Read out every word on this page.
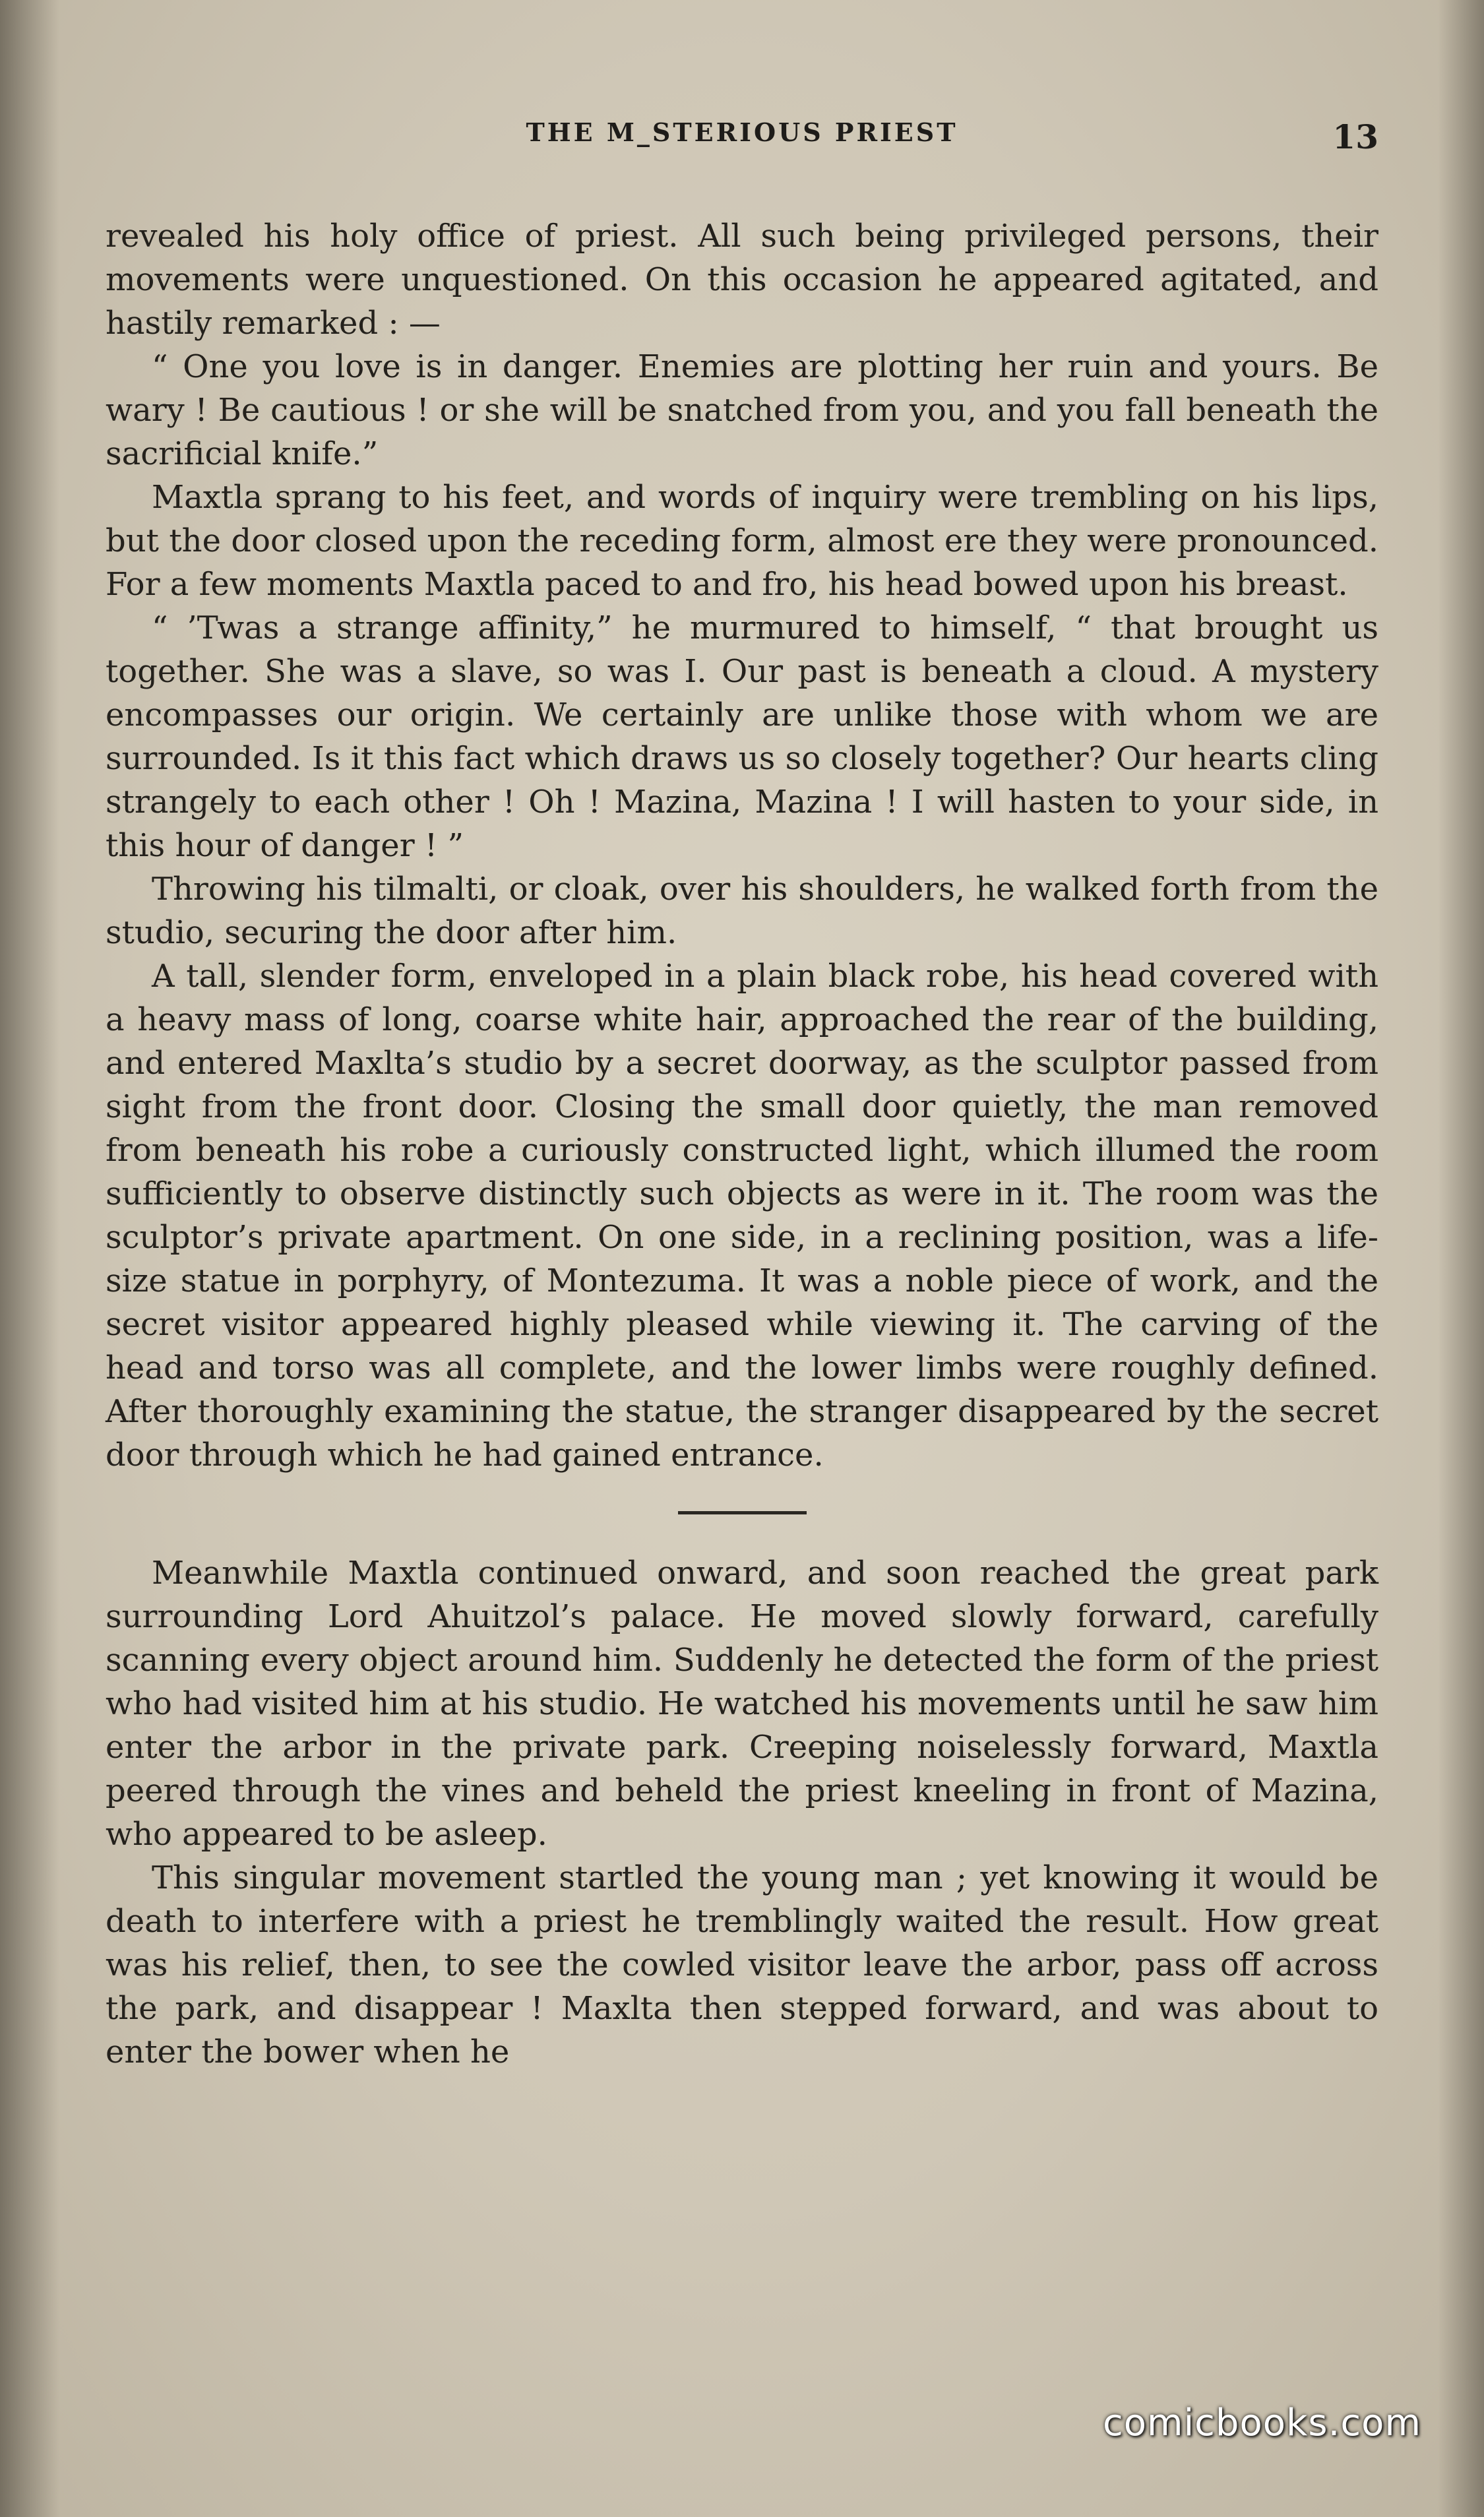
THE M_STERIOUS PRIEST	13

revealed his holy office of priest. All such being privileged persons, their movements were unquestioned. On this occasion he appeared agitated, and hastily remarked : —

“ One you love is in danger. Enemies are plotting her ruin and yours. Be wary ! Be cautious ! or she will be snatched from you, and you fall beneath the sacrificial knife.”

Maxtla sprang to his feet, and words of inquiry were trembling on his lips, but the door closed upon the receding form, almost ere they were pronounced. For a few moments Maxtla paced to and fro, his head bowed upon his breast.

“ ’Twas a strange affinity,” he murmured to himself, “ that brought us together. She was a slave, so was I. Our past is beneath a cloud. A mystery encompasses our origin. We certainly are unlike those with whom we are surrounded. Is it this fact which draws us so closely together? Our hearts cling strangely to each other ! Oh ! Mazina, Mazina ! I will hasten to your side, in this hour of danger ! ”

Throwing his tilmalti, or cloak, over his shoulders, he walked forth from the studio, securing the door after him.

A tall, slender form, enveloped in a plain black robe, his head covered with a heavy mass of long, coarse white hair, approached the rear of the building, and entered Maxlta’s studio by a secret doorway, as the sculptor passed from sight from the front door. Closing the small door quietly, the man removed from beneath his robe a curiously constructed light, which illumed the room sufficiently to observe distinctly such objects as were in it. The room was the sculptor’s private apartment. On one side, in a reclining position, was a life-size statue in porphyry, of Montezuma. It was a noble piece of work, and the secret visitor appeared highly pleased while viewing it. The carving of the head and torso was all complete, and the lower limbs were roughly defined. After thoroughly examining the statue, the stranger disappeared by the secret door through which he had gained entrance.

Meanwhile Maxtla continued onward, and soon reached the great park surrounding Lord Ahuitzol’s palace. He moved slowly forward, carefully scanning every object around him. Suddenly he detected the form of the priest who had visited him at his studio. He watched his movements until he saw him enter the arbor in the private park. Creeping noiselessly forward, Maxtla peered through the vines and beheld the priest kneeling in front of Mazina, who appeared to be asleep.

This singular movement startled the young man ; yet knowing it would be death to interfere with a priest he tremblingly waited the result. How great was his relief, then, to see the cowled visitor leave the arbor, pass off across the park, and disappear ! Maxlta then stepped forward, and was about to enter the bower when he

comicbooks.com
